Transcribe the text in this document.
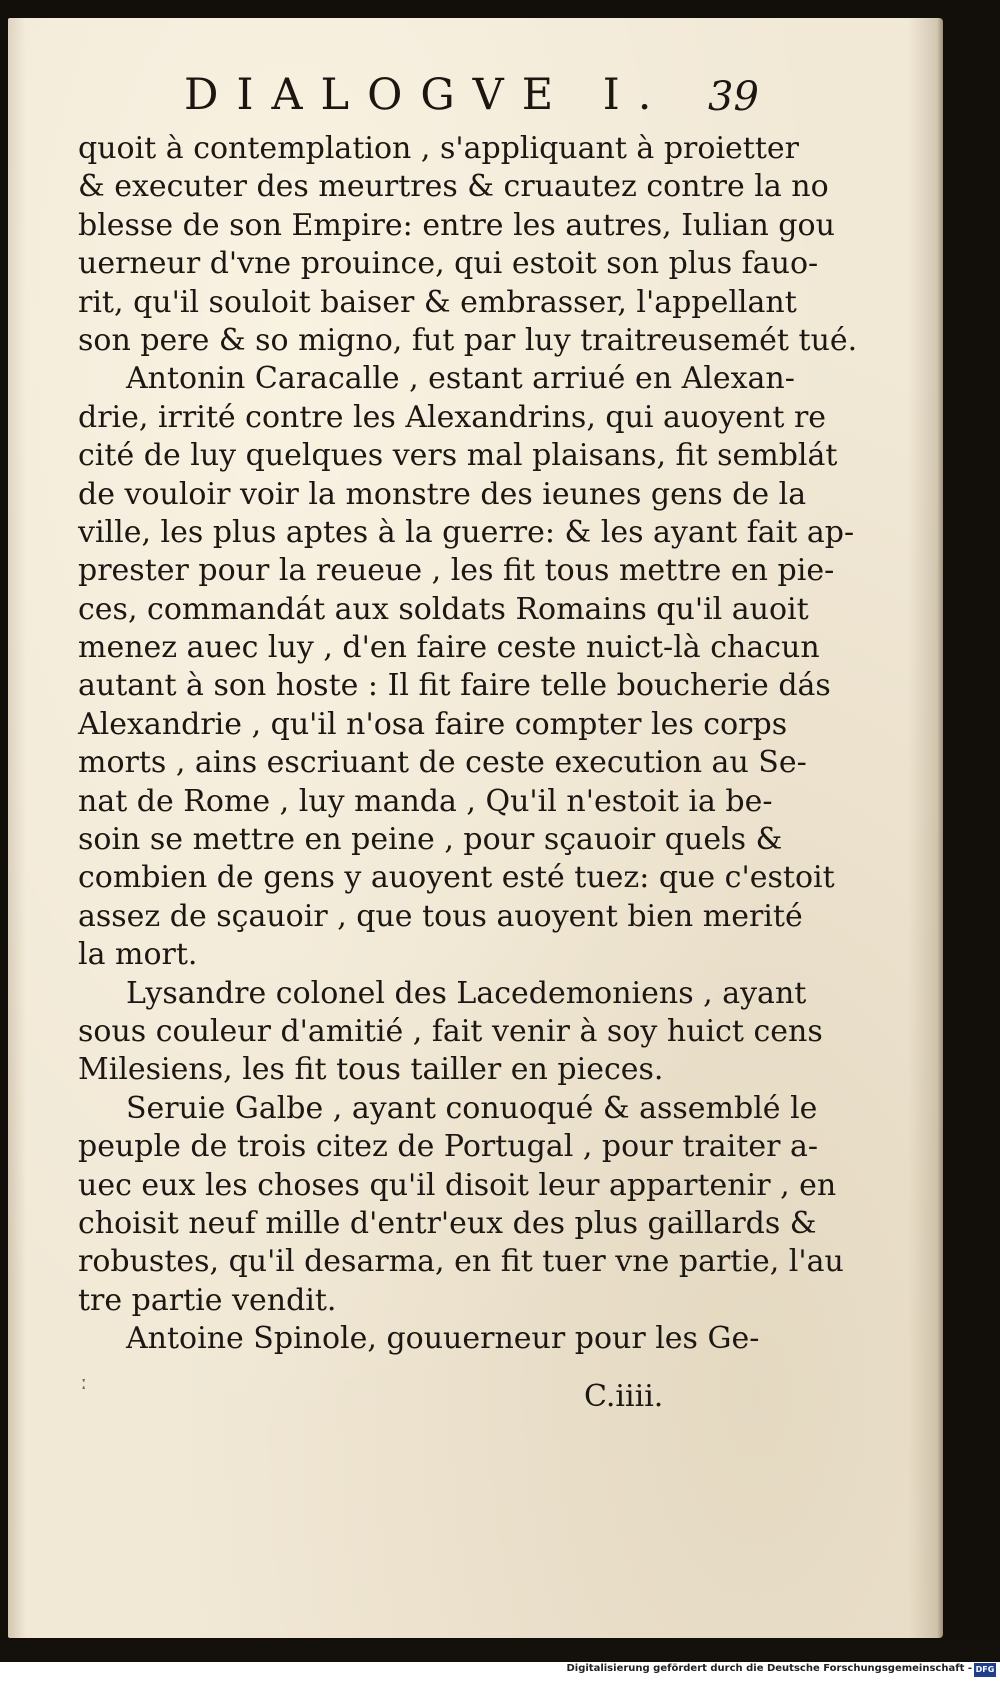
DIALOGVE I. 39
quoit à contemplation , s'appliquant à proietter
& executer des meurtres & cruautez contre la no
blesse de son Empire: entre les autres, Iulian gou
uerneur d'vne prouince, qui estoit son plus fauo-
rit, qu'il souloit baiser & embrasser, l'appellant
son pere & so migno, fut par luy traitreusemét tué.
Antonin Caracalle , estant arriué en Alexan-
drie, irrité contre les Alexandrins, qui auoyent re
cité de luy quelques vers mal plaisans, fit semblát
de vouloir voir la monstre des ieunes gens de la
ville, les plus aptes à la guerre: & les ayant fait ap-
prester pour la reueue , les fit tous mettre en pie-
ces, commandát aux soldats Romains qu'il auoit
menez auec luy , d'en faire ceste nuict-là chacun
autant à son hoste : Il fit faire telle boucherie dás
Alexandrie , qu'il n'osa faire compter les corps
morts , ains escriuant de ceste execution au Se-
nat de Rome , luy manda , Qu'il n'estoit ia be-
soin se mettre en peine , pour sçauoir quels &
combien de gens y auoyent esté tuez: que c'estoit
assez de sçauoir , que tous auoyent bien merité
la mort.
Lysandre colonel des Lacedemoniens , ayant
sous couleur d'amitié , fait venir à soy huict cens
Milesiens, les fit tous tailler en pieces.
Seruie Galbe , ayant conuoqué & assemblé le
peuple de trois citez de Portugal , pour traiter a-
uec eux les choses qu'il disoit leur appartenir , en
choisit neuf mille d'entr'eux des plus gaillards &
robustes, qu'il desarma, en fit tuer vne partie, l'au
tre partie vendit.
Antoine Spinole, gouuerneur pour les Ge-
ː	C.iiii.
Digitalisierung gefördert durch die Deutsche Forschungsgemeinschaft - DFG
